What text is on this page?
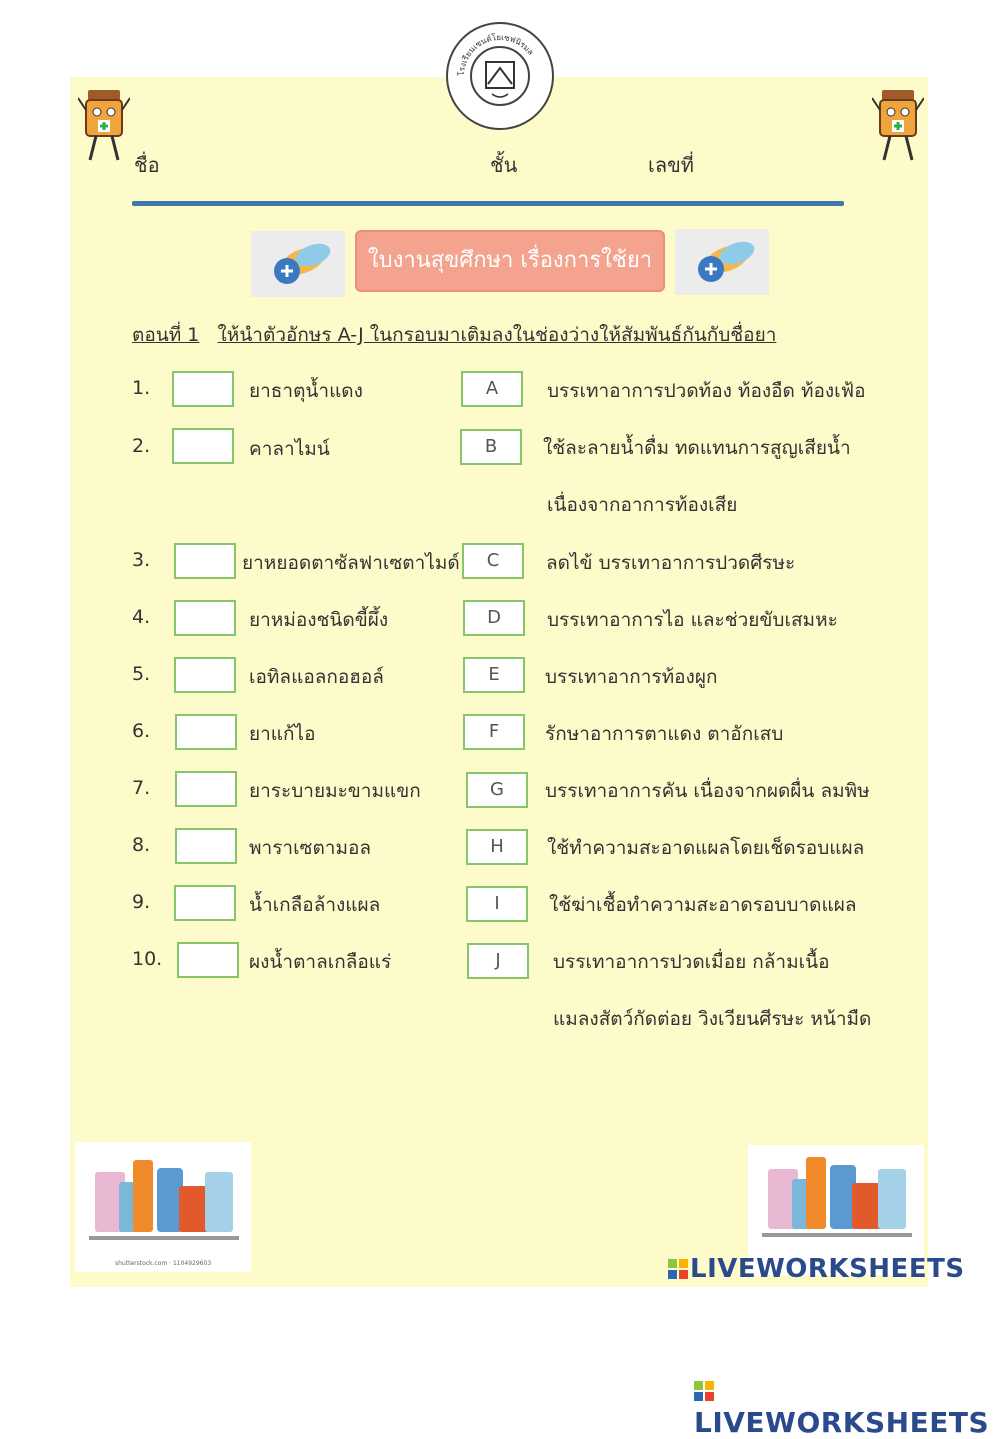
โรงเรียนเซนต์โยเซฟนิรมล
ชื่อ	ชั้น	เลขที่
ใบงานสุขศึกษา เรื่องการใช้ยา
ตอนที่ 1 ให้นำตัวอักษร A-J ในกรอบมาเติมลงในช่องว่างให้สัมพันธ์กันกับชื่อยา
1.	ยาธาตุน้ำแดง	A	บรรเทาอาการปวดท้อง ท้องอืด ท้องเฟ้อ
2.	คาลาไมน์	B	ใช้ละลายน้ำดื่ม ทดแทนการสูญเสียน้ำ
เนื่องจากอาการท้องเสีย
3.	ยาหยอดตาซัลฟาเซตาไมด์	C	ลดไข้ บรรเทาอาการปวดศีรษะ
4.	ยาหม่องชนิดขี้ผึ้ง	D	บรรเทาอาการไอ และช่วยขับเสมหะ
5.	เอทิลแอลกอฮอล์	E	บรรเทาอาการท้องผูก
6.	ยาแก้ไอ	F	รักษาอาการตาแดง ตาอักเสบ
7.	ยาระบายมะขามแขก	G	บรรเทาอาการคัน เนื่องจากผดผื่น ลมพิษ
8.	พาราเซตามอล	H	ใช้ทำความสะอาดแผลโดยเช็ดรอบแผล
9.	น้ำเกลือล้างแผล	I	ใช้ฆ่าเชื้อทำความสะอาดรอบบาดแผล
10.	ผงน้ำตาลเกลือแร่	J	บรรเทาอาการปวดเมื่อย กล้ามเนื้อ
แมลงสัตว์กัดต่อย วิงเวียนศีรษะ หน้ามืด
shutterstock.com · 1104929603	LIVEWORKSHEETS
LIVEWORKSHEETS
